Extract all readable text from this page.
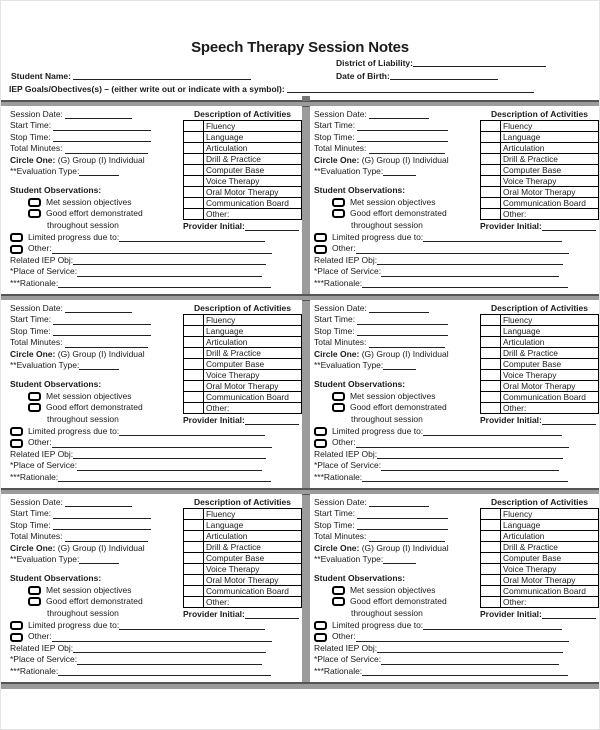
Speech Therapy Session Notes
District of Liability:
Student Name:
	Date of Birth:
IEP Goals/Obectives(s) – (either write out or indicate with a symbol):

Session Date:

Start Time:

Stop Time:

Total Minutes:

Circle One:
(G) Group (I) Individual
**Evaluation Type:
Student Observations:
Met session objectives
Good effort demonstrated
throughout session
Description of Activities
	Fluency
	Language
	Articulation
	Drill & Practice
	Computer Base
	Voice Therapy
	Oral Motor Therapy
	Communication Board
	Other:
Provider Initial:
Limited progress due to:
Other:
Related IEP Obj:
*Place of Service:
***Rationale:
Session Date:

Start Time:

Stop Time:

Total Minutes:

Circle One:
(G) Group (I) Individual
**Evaluation Type:
Student Observations:
Met session objectives
Good effort demonstrated
throughout session
Description of Activities
	Fluency
	Language
	Articulation
	Drill & Practice
	Computer Base
	Voice Therapy
	Oral Motor Therapy
	Communication Board
	Other:
Provider Initial:
Limited progress due to:
Other:
Related IEP Obj:
*Place of Service:
***Rationale:
Session Date:

Start Time:

Stop Time:

Total Minutes:

Circle One:
(G) Group (I) Individual
**Evaluation Type:
Student Observations:
Met session objectives
Good effort demonstrated
throughout session
Description of Activities
	Fluency
	Language
	Articulation
	Drill & Practice
	Computer Base
	Voice Therapy
	Oral Motor Therapy
	Communication Board
	Other:
Provider Initial:
Limited progress due to:
Other:
Related IEP Obj:
*Place of Service:
***Rationale:
Session Date:

Start Time:

Stop Time:

Total Minutes:

Circle One:
(G) Group (I) Individual
**Evaluation Type:
Student Observations:
Met session objectives
Good effort demonstrated
throughout session
Description of Activities
	Fluency
	Language
	Articulation
	Drill & Practice
	Computer Base
	Voice Therapy
	Oral Motor Therapy
	Communication Board
	Other:
Provider Initial:
Limited progress due to:
Other:
Related IEP Obj:
*Place of Service:
***Rationale:
Session Date:

Start Time:

Stop Time:

Total Minutes:

Circle One:
(G) Group (I) Individual
**Evaluation Type:
Student Observations:
Met session objectives
Good effort demonstrated
throughout session
Description of Activities
	Fluency
	Language
	Articulation
	Drill & Practice
	Computer Base
	Voice Therapy
	Oral Motor Therapy
	Communication Board
	Other:
Provider Initial:
Limited progress due to:
Other:
Related IEP Obj:
*Place of Service:
***Rationale:
Session Date:

Start Time:

Stop Time:

Total Minutes:

Circle One:
(G) Group (I) Individual
**Evaluation Type:
Student Observations:
Met session objectives
Good effort demonstrated
throughout session
Description of Activities
	Fluency
	Language
	Articulation
	Drill & Practice
	Computer Base
	Voice Therapy
	Oral Motor Therapy
	Communication Board
	Other:
Provider Initial:
Limited progress due to:
Other:
Related IEP Obj:
*Place of Service:
***Rationale:
